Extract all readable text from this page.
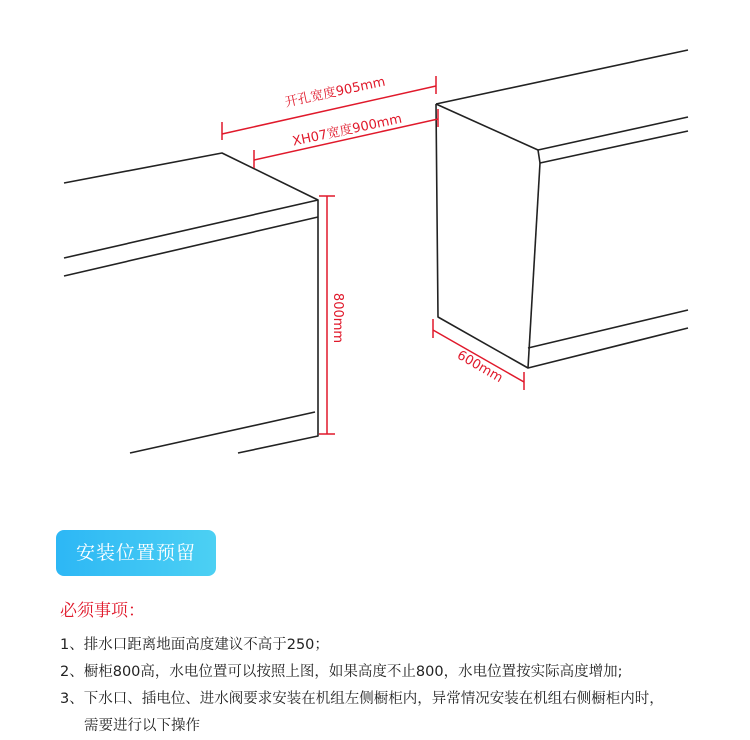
开孔宽度905mm
XH07宽度900mm
800mm
600mm
安装位置预留
必须事项：
1、排水口距离地面高度建议不高于250；
2、橱柜800高，水电位置可以按照上图，如果高度不止800，水电位置按实际高度增加;
3、下水口、插电位、进水阀要求安装在机组左侧橱柜内，异常情况安装在机组右侧橱柜内时，
需要进行以下操作
